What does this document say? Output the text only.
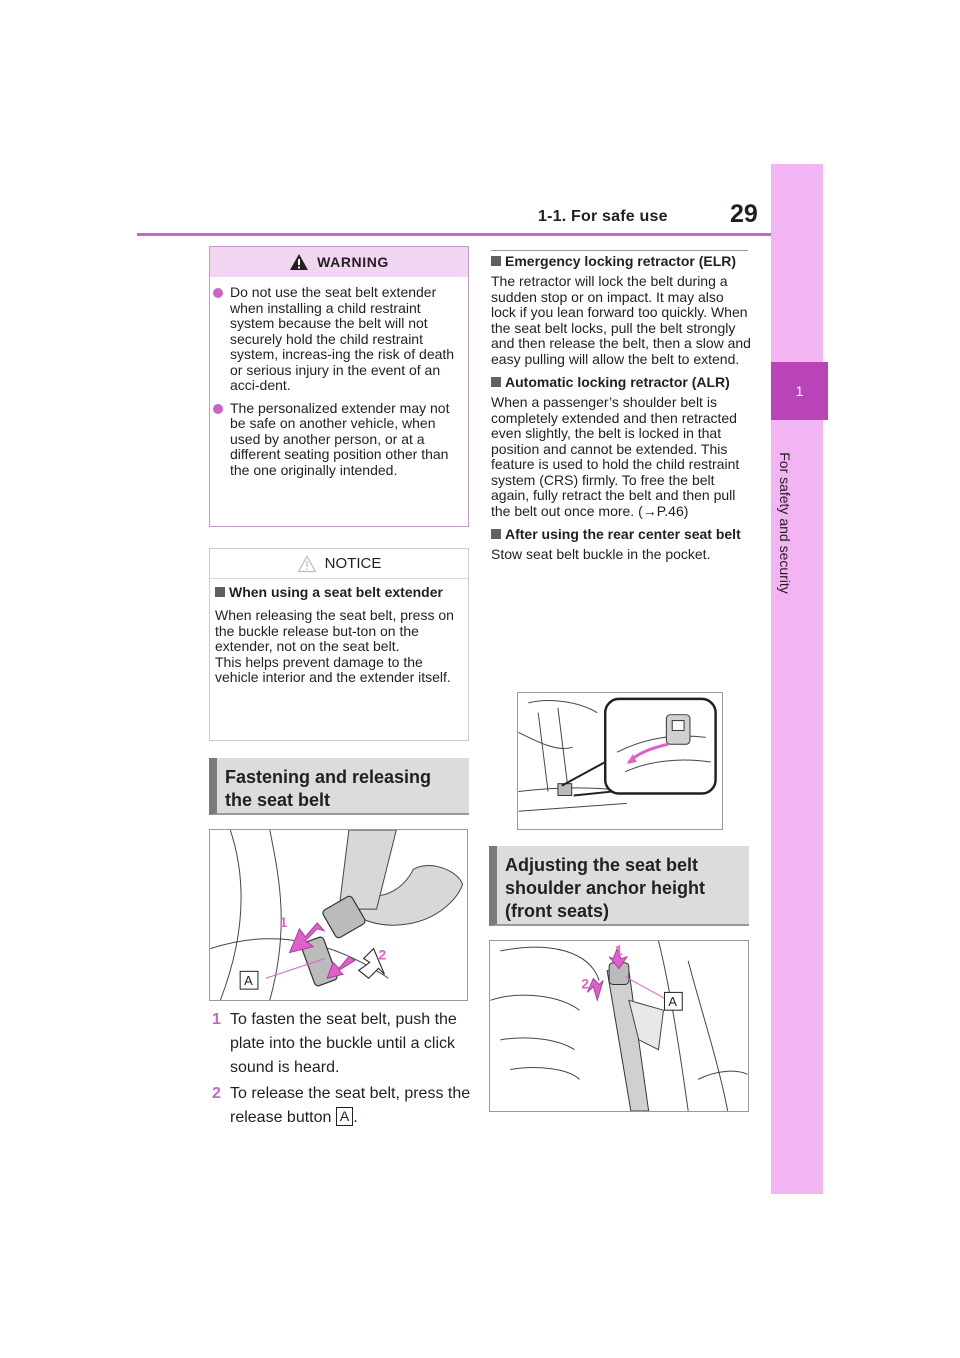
1-1. For safe use 29
1
For safety and security
WARNING
Do not use the seat belt extender when installing a child restraint system because the belt will not securely hold the child restraint system, increas-ing the risk of death or serious injury in the event of an acci-dent.
The personalized extender may not be safe on another vehicle, when used by another person, or at a different seating position other than the one originally intended.
NOTICE
When using a seat belt extender
When releasing the seat belt, press on the buckle release but-ton on the extender, not on the seat belt.
This helps prevent damage to the vehicle interior and the extender itself.
Fastening and releasing the seat belt
1
2
A
1 To fasten the seat belt, push the plate into the buckle until a click sound is heard.
2 To release the seat belt, press the release button A .
Emergency locking retractor (ELR)
The retractor will lock the belt during a sudden stop or on impact. It may also lock if you lean forward too quickly. When the seat belt locks, pull the belt strongly and then release the belt, then a slow and easy pulling will allow the belt to extend.
Automatic locking retractor (ALR)
When a passenger’s shoulder belt is completely extended and then retracted even slightly, the belt is locked in that position and cannot be extended. This feature is used to hold the child restraint system (CRS) firmly. To free the belt again, fully retract the belt and then pull the belt out once more. (→P.46)
After using the rear center seat belt
Stow seat belt buckle in the pocket.
Adjusting the seat belt shoulder anchor height (front seats)
1
2
A
